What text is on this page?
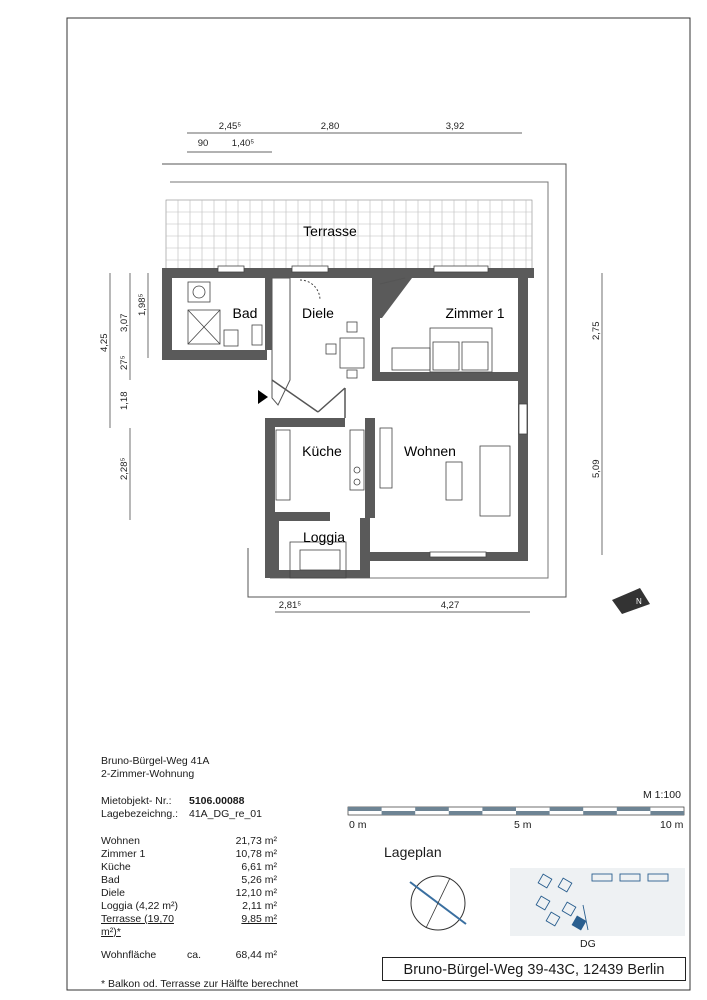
Terrasse
Bad	Diele	Zimmer 1
Küche	Wohnen
Loggia
2,45⁵	2,80	3,92
90 1,40⁵
2,81⁵	4,27
4,25
3,07
1,98⁵
27⁵
1,18
2,28⁵
2,75
5,09
N
Bruno-Bürgel-Weg 41A
2-Zimmer-Wohnung
Mietobjekt- Nr.:	5106.00088
Lagebezeichng.:	41A_DG_re_01
Wohnen	21,73 m²
Zimmer 1	10,78 m²
Küche	6,61 m²
Bad	5,26 m²
Diele	12,10 m²
Loggia (4,22 m²)	2,11 m²
Terrasse (19,70 m²)*
9,85 m²
Wohnfläche	ca.	68,44 m²
* Balkon od. Terrasse zur Hälfte berechnet
M 1:100
0 m	5 m	10 m
Lageplan
DG
Bruno-Bürgel-Weg 39-43C, 12439 Berlin
